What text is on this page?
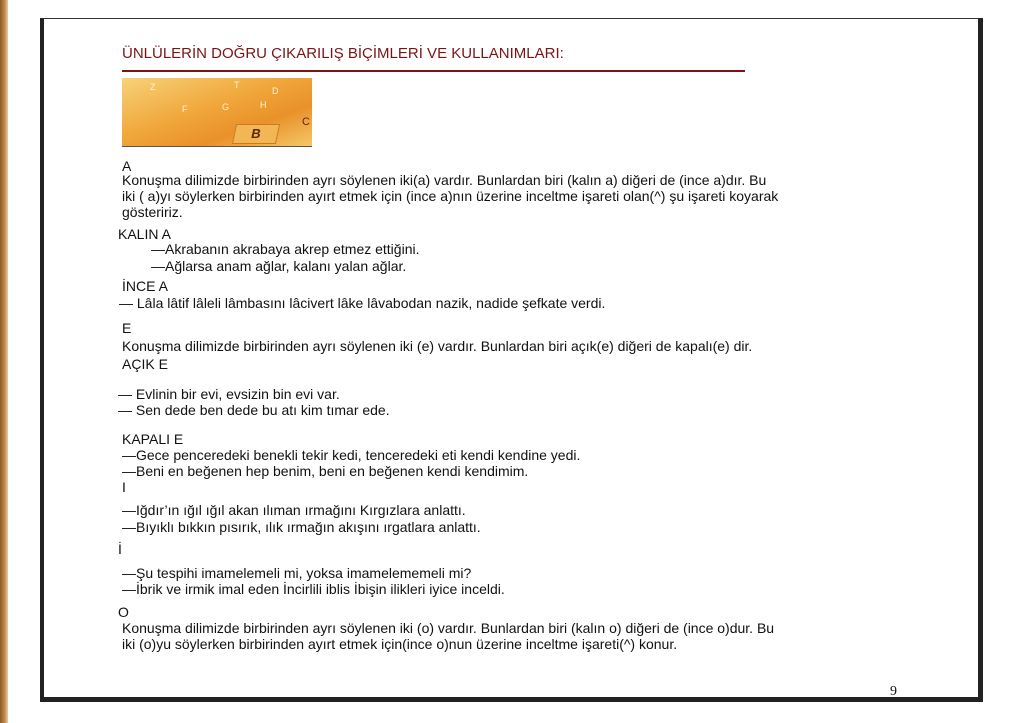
ÜNLÜLERİN DOĞRU ÇIKARILIŞ BİÇİMLERİ VE KULLANIMLARI:
Z	T
D
F	G	H
B
C
A
Konuşma dilimizde birbirinden ayrı söylenen iki(a) vardır. Bunlardan biri (kalın a) diğeri de (ince a)dır. Bu
iki ( a)yı söylerken birbirinden ayırt etmek için (ince a)nın üzerine inceltme işareti olan(^) şu işareti koyarak
gösteririz.
KALIN A
—Akrabanın akrabaya akrep etmez ettiğini.
—Ağlarsa anam ağlar, kalanı yalan ağlar.
İNCE A
— Lâla lâtif lâleli lâmbasını lâcivert lâke lâvabodan nazik, nadide şefkate verdi.
E
Konuşma dilimizde birbirinden ayrı söylenen iki (e) vardır. Bunlardan biri açık(e) diğeri de kapalı(e) dir.
AÇIK E
— Evlinin bir evi, evsizin bin evi var.
— Sen dede ben dede bu atı kim tımar ede.
KAPALI E
—Gece penceredeki benekli tekir kedi, tenceredeki eti kendi kendine yedi.
—Beni en beğenen hep benim, beni en beğenen kendi kendimim.
I
—Iğdır’ın ığıl ığıl akan ılıman ırmağını Kırgızlara anlattı.
—Bıyıklı bıkkın pısırık, ılık ırmağın akışını ırgatlara anlattı.
İ
—Şu tespihi imamelemeli mi, yoksa imamelememeli mi?
—İbrik ve irmik imal eden İncirlili iblis İbişin ilikleri iyice inceldi.
O
Konuşma dilimizde birbirinden ayrı söylenen iki (o) vardır. Bunlardan biri (kalın o) diğeri de (ince o)dur. Bu
iki (o)yu söylerken birbirinden ayırt etmek için(ince o)nun üzerine inceltme işareti(^) konur.
9
